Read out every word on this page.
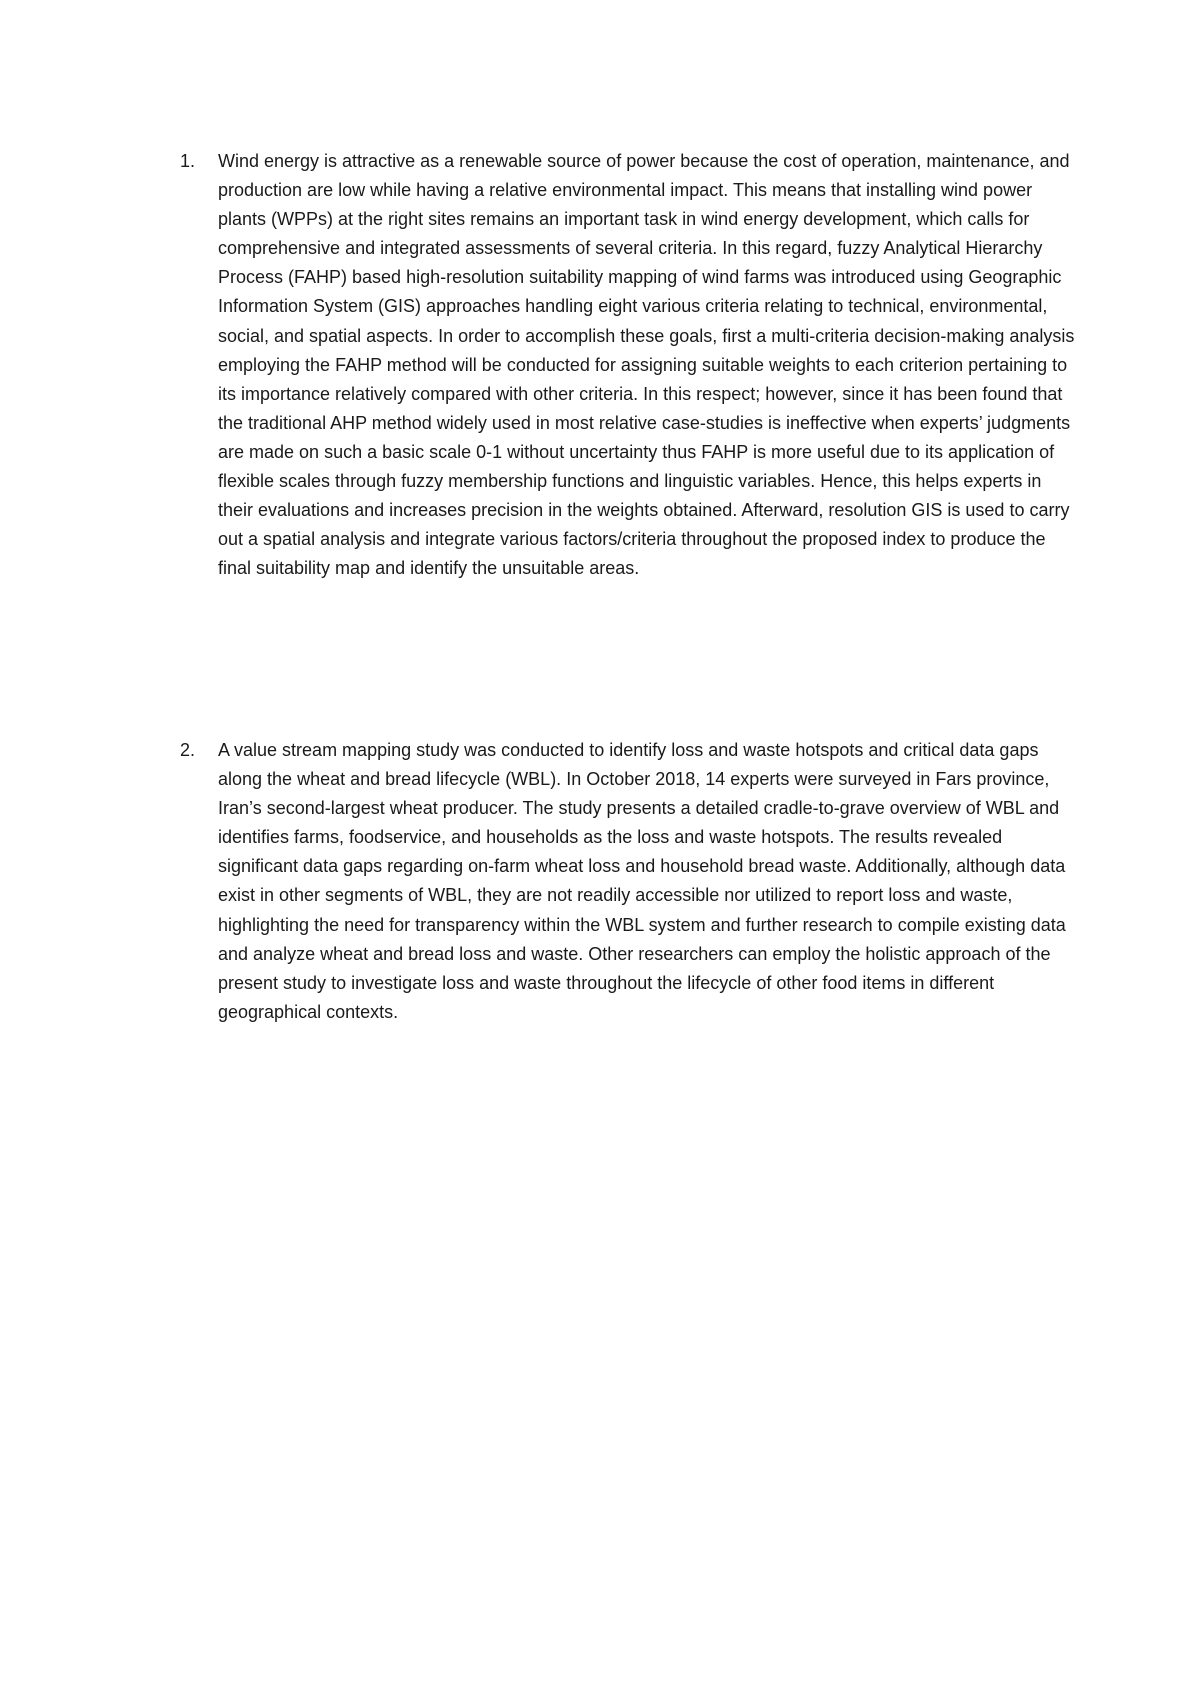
1. Wind energy is attractive as a renewable source of power because the cost of operation, maintenance, and production are low while having a relative environmental impact. This means that installing wind power plants (WPPs) at the right sites remains an important task in wind energy development, which calls for comprehensive and integrated assessments of several criteria. In this regard, fuzzy Analytical Hierarchy Process (FAHP) based high-resolution suitability mapping of wind farms was introduced using Geographic Information System (GIS) approaches handling eight various criteria relating to technical, environmental, social, and spatial aspects. In order to accomplish these goals, first a multi-criteria decision-making analysis employing the FAHP method will be conducted for assigning suitable weights to each criterion pertaining to its importance relatively compared with other criteria. In this respect; however, since it has been found that the traditional AHP method widely used in most relative case-studies is ineffective when experts’ judgments are made on such a basic scale 0-1 without uncertainty thus FAHP is more useful due to its application of flexible scales through fuzzy membership functions and linguistic variables. Hence, this helps experts in their evaluations and increases precision in the weights obtained. Afterward, resolution GIS is used to carry out a spatial analysis and integrate various factors/criteria throughout the proposed index to produce the final suitability map and identify the unsuitable areas.
2. A value stream mapping study was conducted to identify loss and waste hotspots and critical data gaps along the wheat and bread lifecycle (WBL). In October 2018, 14 experts were surveyed in Fars province, Iran’s second-largest wheat producer. The study presents a detailed cradle-to-grave overview of WBL and identifies farms, foodservice, and households as the loss and waste hotspots. The results revealed significant data gaps regarding on-farm wheat loss and household bread waste. Additionally, although data exist in other segments of WBL, they are not readily accessible nor utilized to report loss and waste, highlighting the need for transparency within the WBL system and further research to compile existing data and analyze wheat and bread loss and waste. Other researchers can employ the holistic approach of the present study to investigate loss and waste throughout the lifecycle of other food items in different geographical contexts.
